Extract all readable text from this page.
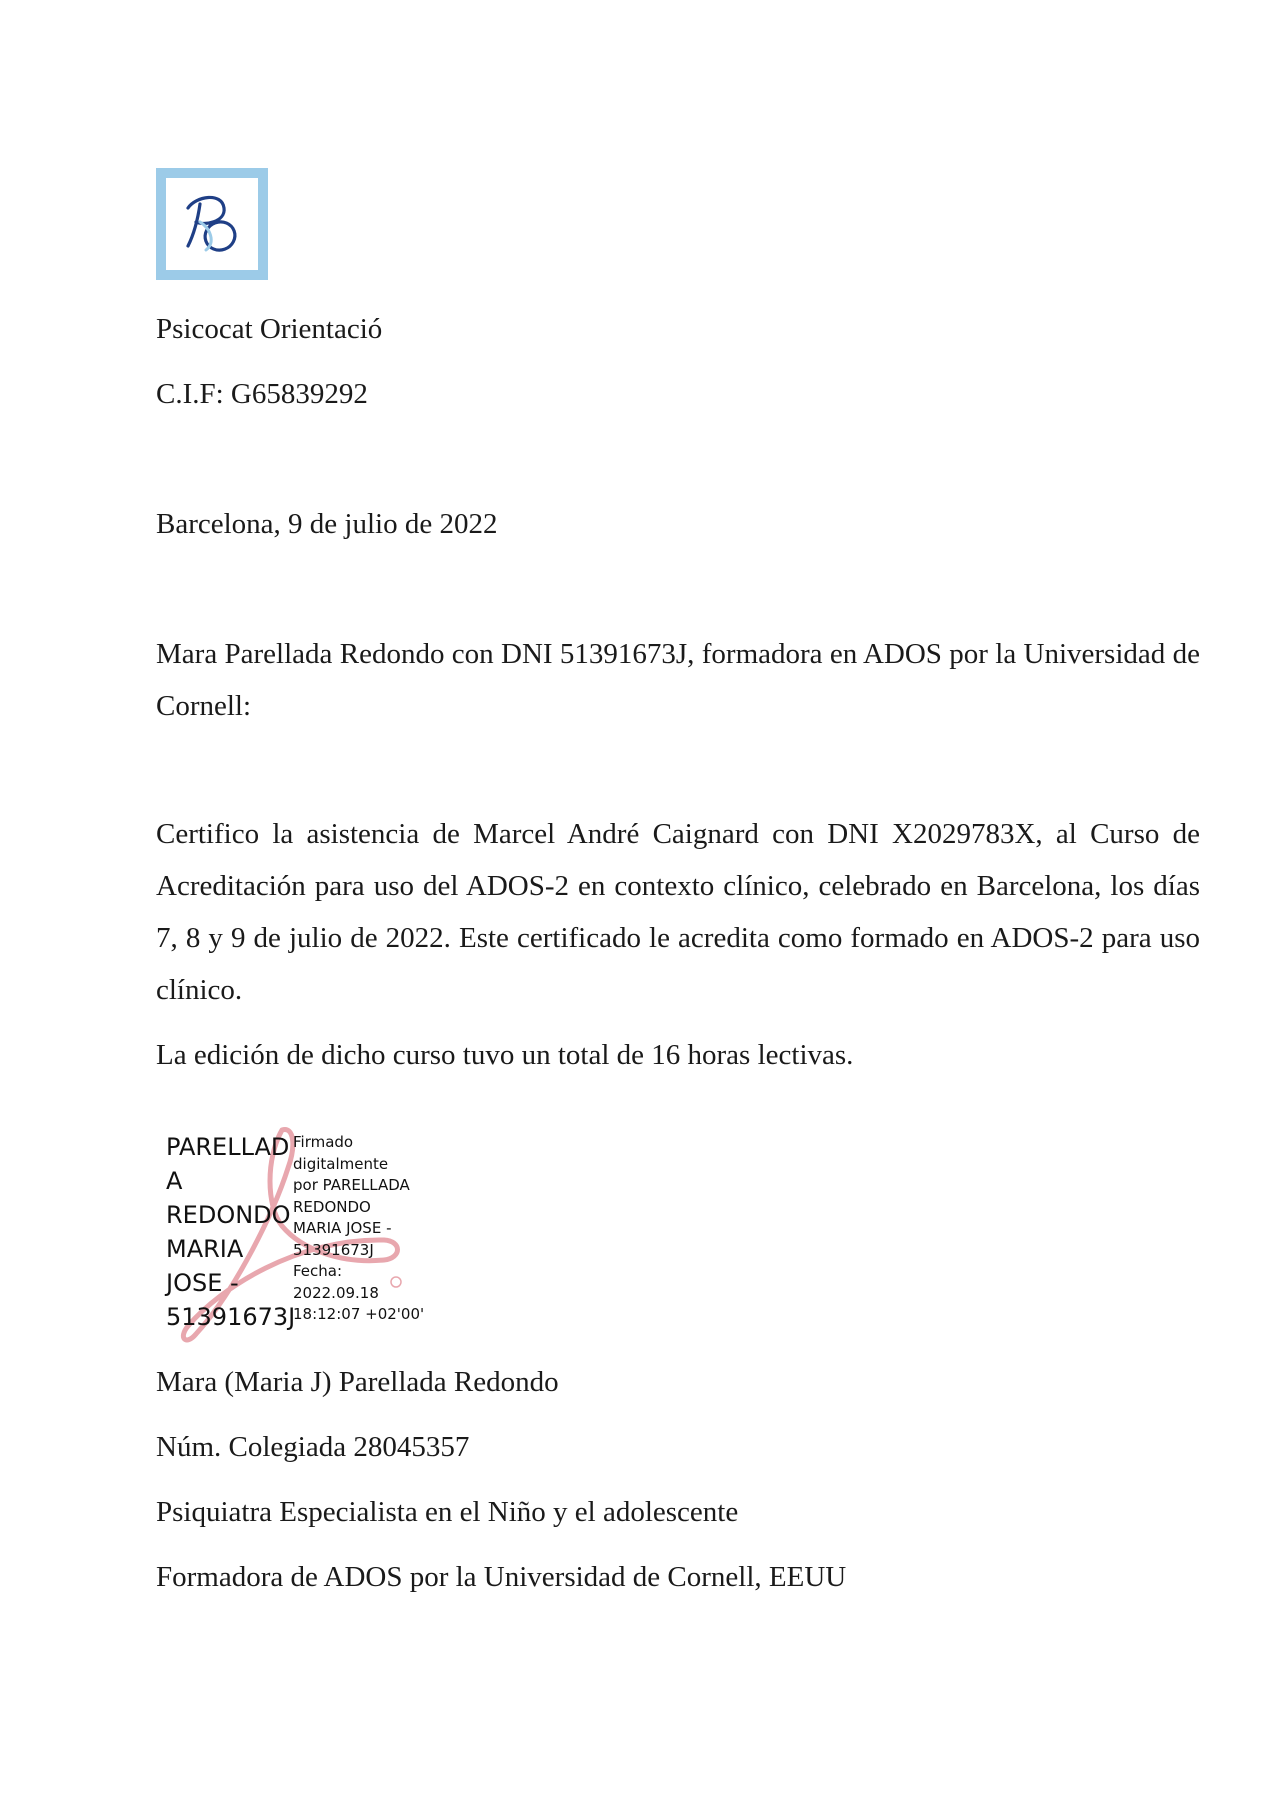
Psicocat Orientació
C.I.F: G65839292
Barcelona, 9 de julio de 2022
Mara Parellada Redondo con DNI 51391673J, formadora en ADOS por la Universidad de Cornell:
Certifico la asistencia de Marcel André Caignard con DNI X2029783X, al Curso de Acreditación para uso del ADOS-2 en contexto clínico, celebrado en Barcelona, los días 7, 8 y 9 de julio de 2022. Este certificado le acredita como formado en ADOS-2 para uso clínico.
La edición de dicho curso tuvo un total de 16 horas lectivas.
PARELLAD
A
REDONDO
MARIA
JOSE -
51391673J
Firmado
digitalmente
por PARELLADA
REDONDO
MARIA JOSE -
51391673J
Fecha:
2022.09.18
18:12:07 +02'00'
Mara (Maria J) Parellada Redondo
Núm. Colegiada 28045357
Psiquiatra Especialista en el Niño y el adolescente
Formadora de ADOS por la Universidad de Cornell, EEUU
